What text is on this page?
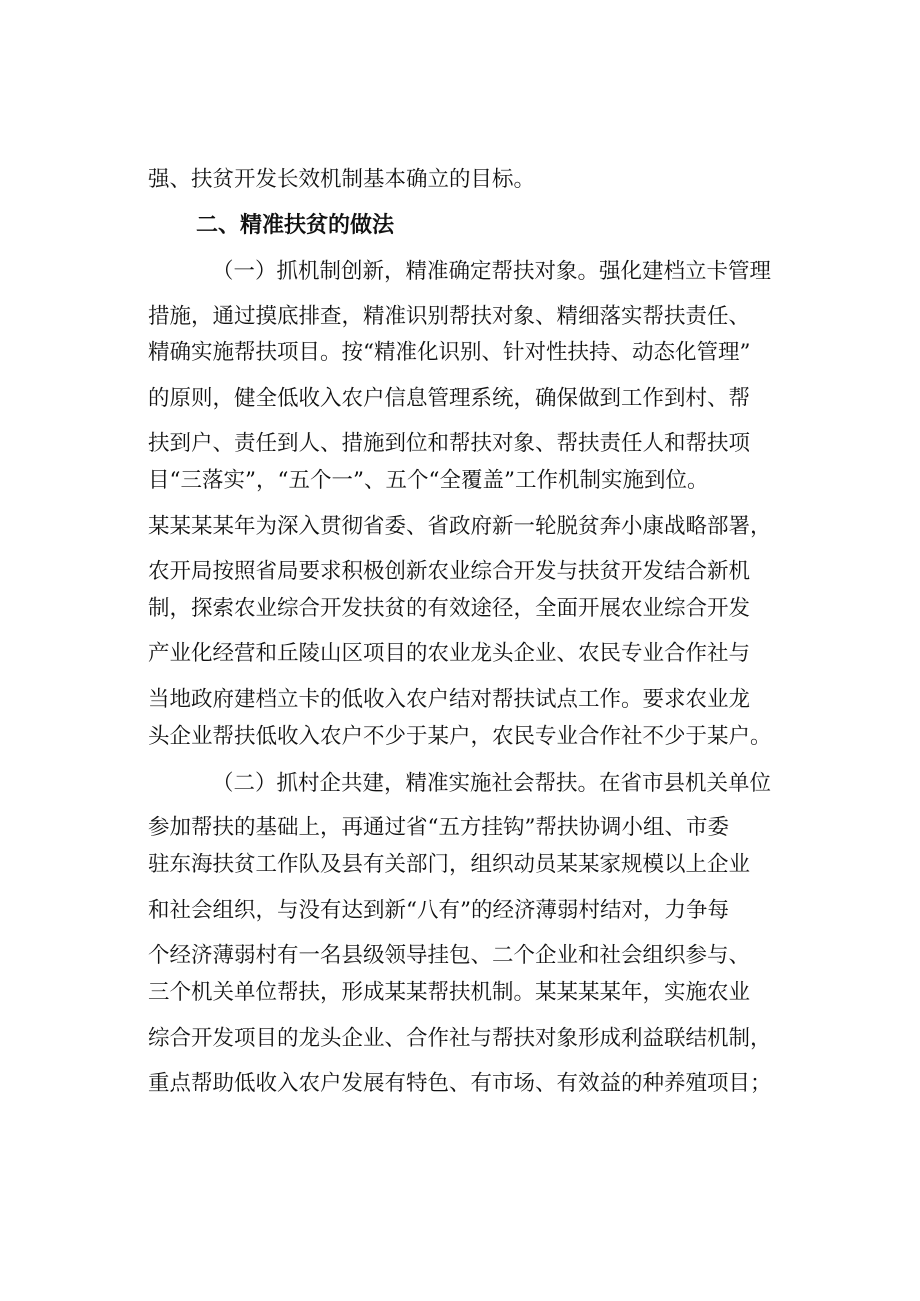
强、扶贫开发长效机制基本确立的目标。
二、精准扶贫的做法
（一）抓机制创新，精准确定帮扶对象。强化建档立卡管理
措施，通过摸底排查，精准识别帮扶对象、精细落实帮扶责任、
精确实施帮扶项目。按“精准化识别、针对性扶持、动态化管理”
的原则，健全低收入农户信息管理系统，确保做到工作到村、帮
扶到户、责任到人、措施到位和帮扶对象、帮扶责任人和帮扶项
目“三落实”，“五个一”、五个“全覆盖”工作机制实施到位。
某某某某年为深入贯彻省委、省政府新一轮脱贫奔小康战略部署，
农开局按照省局要求积极创新农业综合开发与扶贫开发结合新机
制，探索农业综合开发扶贫的有效途径，全面开展农业综合开发
产业化经营和丘陵山区项目的农业龙头企业、农民专业合作社与
当地政府建档立卡的低收入农户结对帮扶试点工作。要求农业龙
头企业帮扶低收入农户不少于某户，农民专业合作社不少于某户。
（二）抓村企共建，精准实施社会帮扶。在省市县机关单位
参加帮扶的基础上，再通过省“五方挂钩”帮扶协调小组、市委
驻东海扶贫工作队及县有关部门，组织动员某某家规模以上企业
和社会组织，与没有达到新“八有”的经济薄弱村结对，力争每
个经济薄弱村有一名县级领导挂包、二个企业和社会组织参与、
三个机关单位帮扶，形成某某帮扶机制。某某某某年，实施农业
综合开发项目的龙头企业、合作社与帮扶对象形成利益联结机制，
重点帮助低收入农户发展有特色、有市场、有效益的种养殖项目；
